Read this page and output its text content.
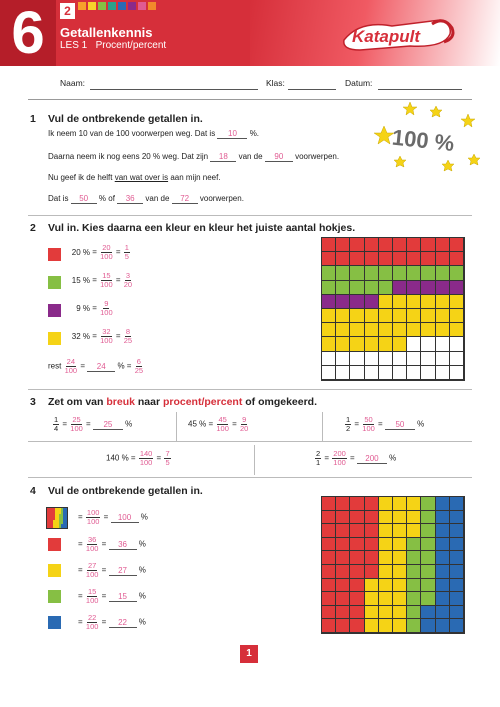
6	2
Getallenkennis
LES 1   Procent/percent	Katapult
Naam:	Klas:	Datum:
100 %
1 Vul de ontbrekende getallen in.
Ik neem 10 van de 100 voorwerpen weg. Dat is 10 %.
Daarna neem ik nog eens 20 % weg. Dat zijn 18 van de 90 voorwerpen.
Nu geef ik de helft van wat over is aan mijn neef.
Dat is 50 % of 36 van de 72 voorwerpen.
2 Vul in. Kies daarna een kleur en kleur het juiste aantal hokjes.
20 % = $\frac{20}{100} = \frac{1}{5}$
15 % = $\frac{15}{100} = \frac{3}{20}$
9 % = $\frac{9}{100}$
32 % = $\frac{32}{100} = \frac{8}{25}$
rest $\frac{24}{100} = 24$ % = $\frac{6}{25}$
3 Zet om van breuk naar procent/percent of omgekeerd.
$\frac{1}{4} = \frac{25}{100} = 25$ %	45 % = $\frac{45}{100} = \frac{9}{20}$	$\frac{1}{2} = \frac{50}{100} = 50$ %
140 % = $\frac{140}{100} = \frac{7}{5}$	$\frac{2}{1} = \frac{200}{100} = 200$ %
4 Vul de ontbrekende getallen in.
= $\frac{100}{100} = 100$ %
= $\frac{36}{100} = 36$ %
= $\frac{27}{100} = 27$ %
= $\frac{15}{100} = 15$ %
= $\frac{22}{100} = 22$ %
1
